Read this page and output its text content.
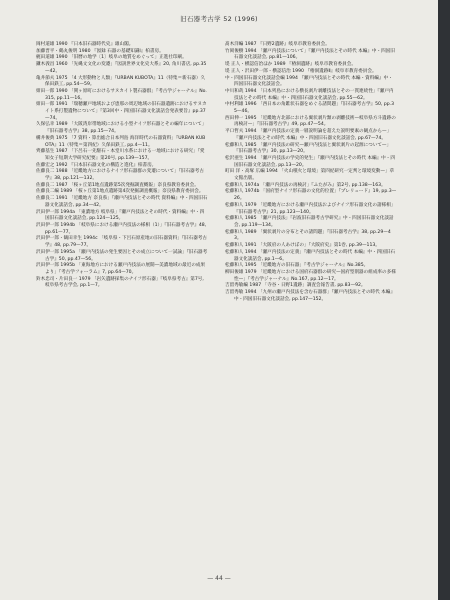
旧石器考古学 52 (1996)

岡村道雄 1990 『日本旧石器時代史』雄山閣。

加藤晋平・鶴丸俊明 1980 『図録 石器の基礎知識Ⅰ』柏書房。

梶田道雄 1990 「旧暦の地学〔1〕岐阜の地質をめぐって」正進社印刷。

鎌木義昌 1960 「先縄文文化の変遷」『図説世界文化史大系』20, 角川書店, pp.35—42。

亀井節夫 1975 「4 大形動物と人類」『URBAN KUBOTA』11（特集＝新石器）久保田鉄工, pp.54—59。

紺田一郎 1990 「関ヶ原町におけるサヌカイト製石器群」『考古学ジャーナル』No.315, pp.11—16。

紺田一郎 1991 「瑞穂瀬戸地域および恵那の周辺地域の旧石器遺跡におけるサヌカイト系打製遺物について」『第3回中・四国旧石器文化談話会発表要旨』pp.37—74。

久保弘幸 1989 「大阪湾岸帯地域における小型ナイフ形石器とその編年について」『旧石器考古学』38, pp.15—74。

構井俊典 1975 「7 資料・算出総合日本列島 海洋時代の石器資料」『URBAN KUBOTA』11（特集＝第四紀）久保田鉄工, pp.4—11。

齊藤基生 1987 「下呂石一先駆石・本堂川水系における一地域における研究」『愛知女子短期大学研究紀要』第20号, pp.139—157。

佐藤宏之 1992 『日本旧石器文化の構造と進化』柏書房。

佐藤良二 1988 「近畿地方におけるナイフ形石器群の変遷について」『旧石器考古学』38, pp.121—132。

佐藤良二 1987 「桜ヶ丘第1地点遺跡第5次発掘調査概報」奈良県教育委員会。

佐藤良二編 1989 「桜ヶ丘第1地点遺跡第4次発掘調査概報」奈良県教育委員会。

佐藤良二 1991 「近畿地方 奈良県」『瀬戸内技法とその時代 資料編』中・四国旧石器文化談話会, pp.34—42。

沢田伊一郎 1994a 「東濃地方 岐阜県」『瀬戸内技法とその時代・資料編』中・四国旧石器文化談話会, pp.124—125。

沢田伊一郎 1994b 「岐阜県における瀬戸内技法の様相（1）」『旧石器考古学』48, pp.61—77。

沢田伊一郎・鶴田幸生 1994c 「岐阜県・下呂石原産地の旧石器資料」『旧石器考古学』48, pp.79—77。

沢田伊一郎 1995a 「瀬戸内技法の発生要因とその成立について一試論」『旧石器考古学』50, pp.47—56。

沢田伊一郎 1995b 「東海地方における瀬戸内技法の展開―美濃地域の最近の成果より」『考古学フォーラム』7, pp.64—70。

鈴木忠司・片田良一 1979 「岩矢遺跡採集のナイフ形石器」『岐阜県考古』第7号, 岐阜県考古学会, pp.1—7。

髙木洋編 1987 『日野2遺跡』岐阜市教育委員会。

竹岡俊樹 1994 「瀬戸内技法について」『瀬戸内技法とその時代 本編』中・四国旧石器文化談話会, pp.81—106。

堤 正人・横認信治ほか 1989 『椿洞遺跡』岐阜市教育委員会。

堤 正人・沢田伊一郎・横認信治 1990 『椿洞遺跡Ⅱ』岐阜市教育委員会。

中・四国旧石器文化談話会編 1994 『瀬戸内技法とその時代 本編・資料編』中・四国旧石器文化談話会。

中川和哉 1994 「日本列島における横長剥片剥離技法とその一貫連続性」『瀬戸内技法とその時代 本編』中・四国旧石器文化談話会, pp.55—62。

中村利雄 1996 「西日本の角錐状石器をめぐる諸問題」『旧石器考古学』50, pp.35—46。

西田伸一 1995 「近畿地方北部における翼状剥片類の剥離技術—岐阜県方斗遺跡の再検討—」『旧石器考古学』49, pp.47—54。

平口哲夫 1994 「瀬戸内技法の定義一層説明論を超えた説明要素の観点から—」『瀬戸内技法とその時代 本編』中・四国旧石器文化談話会, pp.67—74。

松藤和人 1985 「瀬戸内技法の研究—瀬戸内技法と翼状剥片の起源について—」『旧石器考古学』30, pp.13—20。

松沢亜生 1994 「瀬戸内技法の学史的発生」『瀬戸内技法とその時代 本編』中・四国旧石器文化談話会, pp.13—20。

町田 洋・高塚 広編 1994 「火山噴火と環境」第四紀研究一定判と環境変動—」草文館出版。

松藤和人 1974a 「瀬戸内技法の再検討」『ふたがみ』第2号, pp.138—163。

松藤和人 1974b 「国府型ナイフ形石器の文化的位置」『プレリュード』19, pp.3—26。

松藤和人 1979 「近畿地方における瀬戸内技法およびナイフ形石器文化の諸様相」『旧石器考古学』21, pp.123—140。

松藤和人 1985 「瀬戸内技法」『岩波旧石器考古学研究』中・四国旧石器文化談話会, pp.119—134。

松藤和人 1989 「翼状剥片の分布とその諸問題」『旧石器考古学』38, pp.29—43。

松藤和人 1991 「大阪府の人あけぼの」『大阪府史』第1巻, pp.39—113。

松藤和人 1994 「瀬戸内技法の定義」『瀬戸内技法とその時代 本編』中・四国旧石器文化談話会, pp.1—6。

松藤和人 1995 「近畿地方の旧石器」『考古学ジャーナル』No.385。

柳田俊雄 1979 「近畿地方における国府石器群の研究—国府型削器の組成率の多様性—」『考古学ジャーナル』No.167, pp.12—17。

吉留秀敏編 1987 「寺谷・日野1遺跡」調査会報告書, pp.83—92。

吉留秀敏 1994 「九州の瀬戸内技法を含む石器群」『瀬戸内技法とその時代 本編』中・四国旧石器文化談話会, pp.147—152。

— 44 —
